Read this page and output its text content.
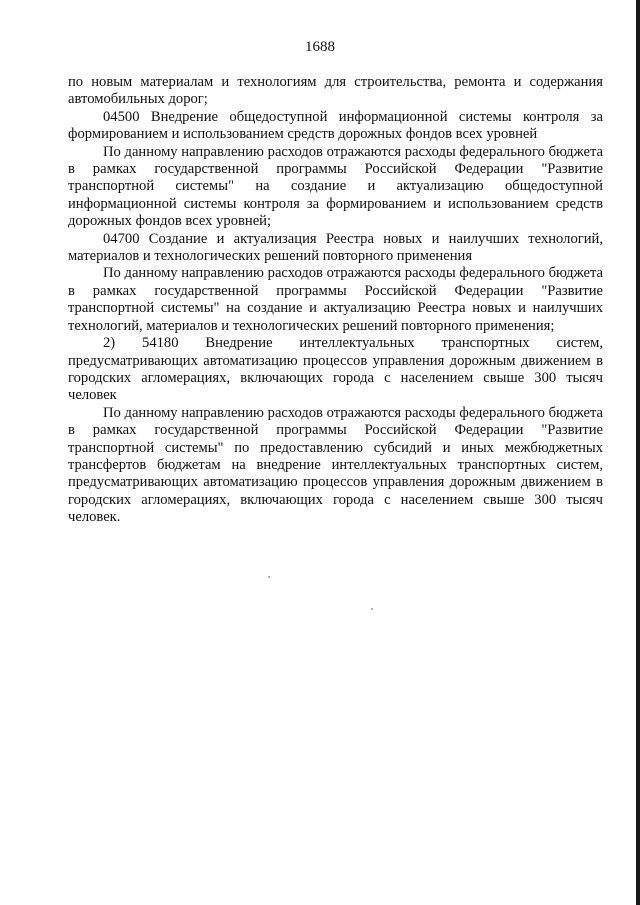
1688

по новым материалам и технологиям для строительства, ремонта и содержания автомобильных дорог;

04500 Внедрение общедоступной информационной системы контроля за формированием и использованием средств дорожных фондов всех уровней

По данному направлению расходов отражаются расходы федерального бюджета в рамках государственной программы Российской Федерации "Развитие транспортной системы" на создание и актуализацию общедоступной информационной системы контроля за формированием и использованием средств дорожных фондов всех уровней;

04700 Создание и актуализация Реестра новых и наилучших технологий, материалов и технологических решений повторного применения

По данному направлению расходов отражаются расходы федерального бюджета в рамках государственной программы Российской Федерации "Развитие транспортной системы" на создание и актуализацию Реестра новых и наилучших технологий, материалов и технологических решений повторного применения;

2) 54180 Внедрение интеллектуальных транспортных систем, предусматривающих автоматизацию процессов управления дорожным движением в городских агломерациях, включающих города с населением свыше 300 тысяч человек

По данному направлению расходов отражаются расходы федерального бюджета в рамках государственной программы Российской Федерации "Развитие транспортной системы" по предоставлению субсидий и иных межбюджетных трансфертов бюджетам на внедрение интеллектуальных транспортных систем, предусматривающих автоматизацию процессов управления дорожным движением в городских агломерациях, включающих города с населением свыше 300 тысяч человек.
